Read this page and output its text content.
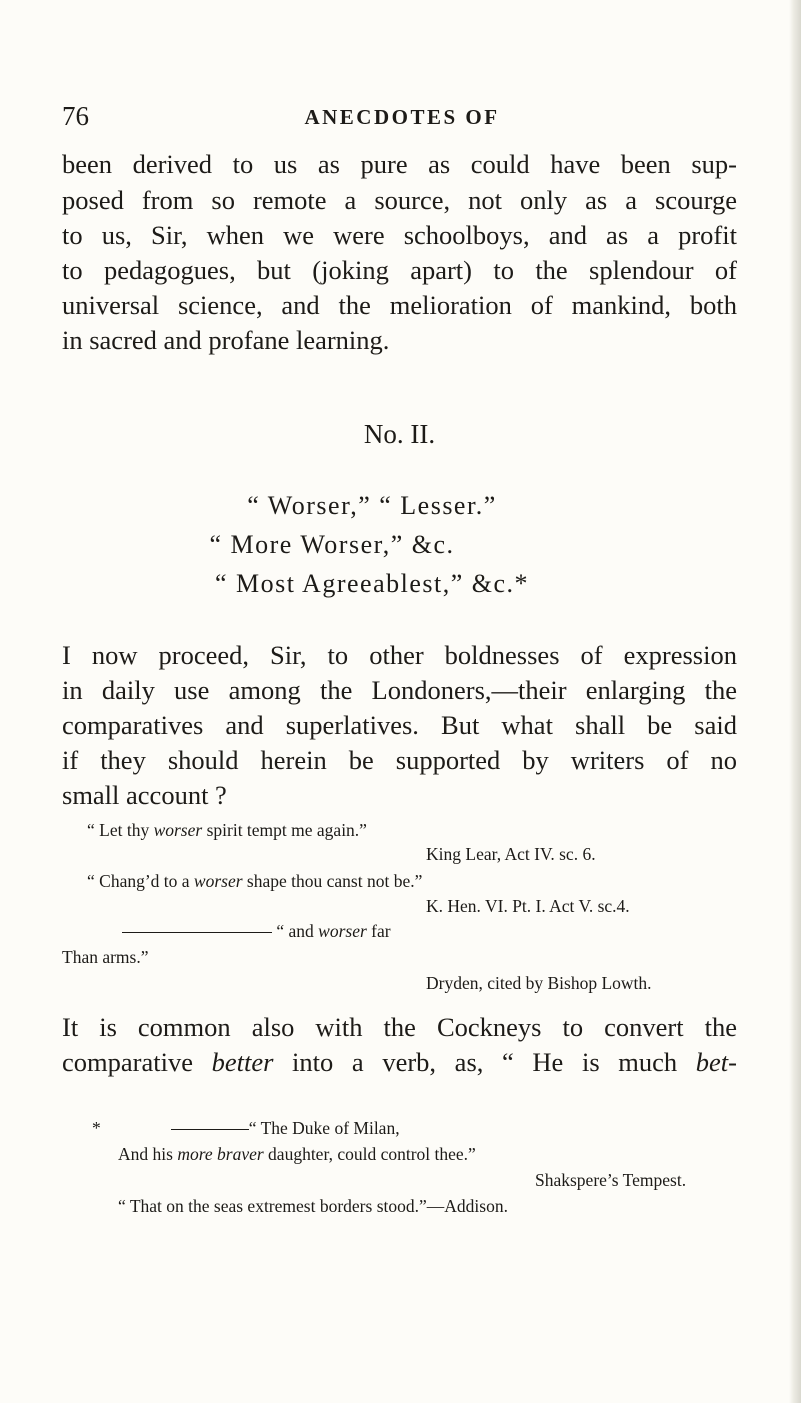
76	ANECDOTES OF
been derived to us as pure as could have been sup-
posed from so remote a source, not only as a scourge
to us, Sir, when we were schoolboys, and as a profit
to pedagogues, but (joking apart) to the splendour of
universal science, and the melioration of mankind, both
in sacred and profane learning.
No. II.
“ Worser,” “ Lesser.”
“ More Worser,” &c.
“ Most Agreeablest,” &c.*
I now proceed, Sir, to other boldnesses of expression
in daily use among the Londoners,—their enlarging the
comparatives and superlatives. But what shall be said
if they should herein be supported by writers of no
small account ?
“ Let thy worser spirit tempt me again.”
King Lear, Act IV. sc. 6.
“ Chang’d to a worser shape thou canst not be.”
K. Hen. VI. Pt. I. Act V. sc.4.
“ and worser far
Than arms.”
Dryden, cited by Bishop Lowth.
It is common also with the Cockneys to convert the
comparative better into a verb, as, “ He is much bet-
*	“ The Duke of Milan,
And his more braver daughter, could control thee.”
Shakspere’s Tempest.
“ That on the seas extremest borders stood.”—Addison.
